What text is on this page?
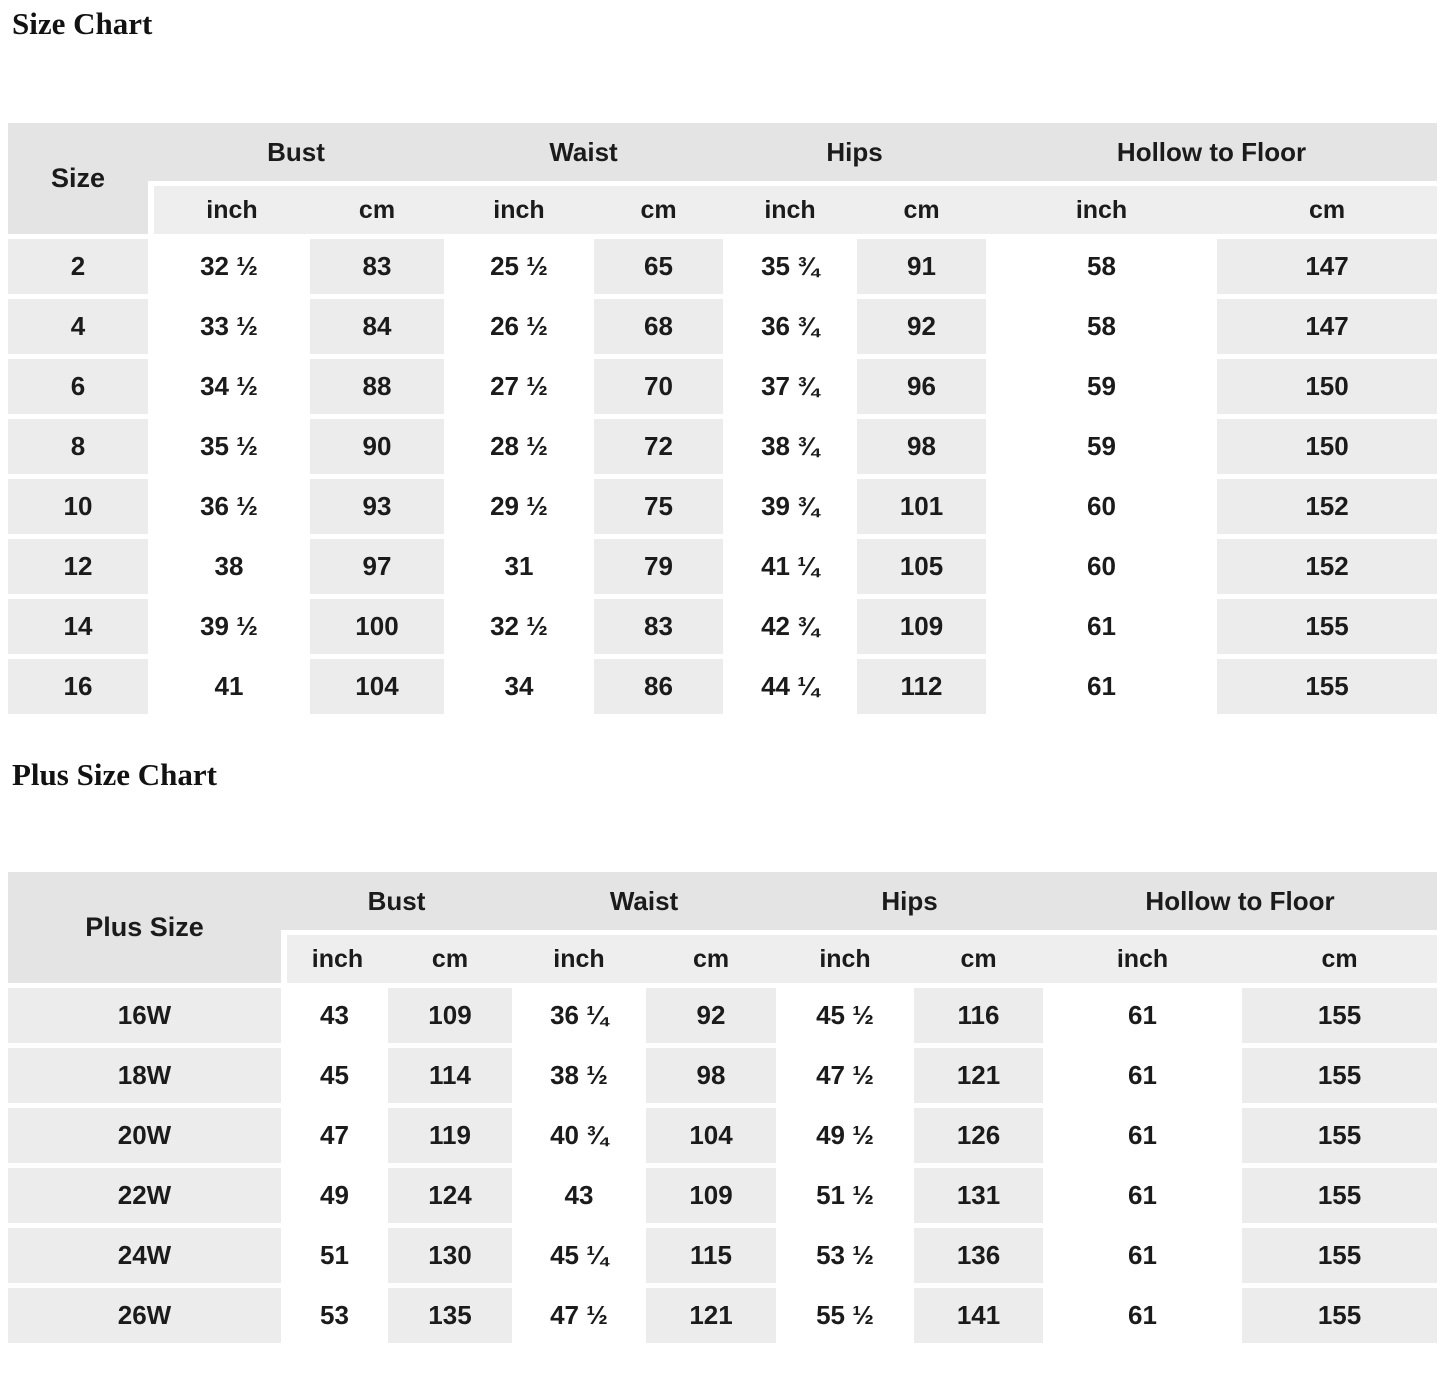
Size Chart
Size	Bust		Waist		Hips		Hollow to Floor	
	inch	cm	inch	cm	inch	cm	inch	cm
2	32 ½	83	25 ½	65	35 ¾	91	58	147
4	33 ½	84	26 ½	68	36 ¾	92	58	147
6	34 ½	88	27 ½	70	37 ¾	96	59	150
8	35 ½	90	28 ½	72	38 ¾	98	59	150
10	36 ½	93	29 ½	75	39 ¾	101	60	152
12	38	97	31	79	41 ¼	105	60	152
14	39 ½	100	32 ½	83	42 ¾	109	61	155
16	41	104	34	86	44 ¼	112	61	155
Plus Size Chart
Plus Size	Bust		Waist		Hips		Hollow to Floor	
	inch	cm	inch	cm	inch	cm	inch	cm
16W	43	109	36 ¼	92	45 ½	116	61	155
18W	45	114	38 ½	98	47 ½	121	61	155
20W	47	119	40 ¾	104	49 ½	126	61	155
22W	49	124	43	109	51 ½	131	61	155
24W	51	130	45 ¼	115	53 ½	136	61	155
26W	53	135	47 ½	121	55 ½	141	61	155
